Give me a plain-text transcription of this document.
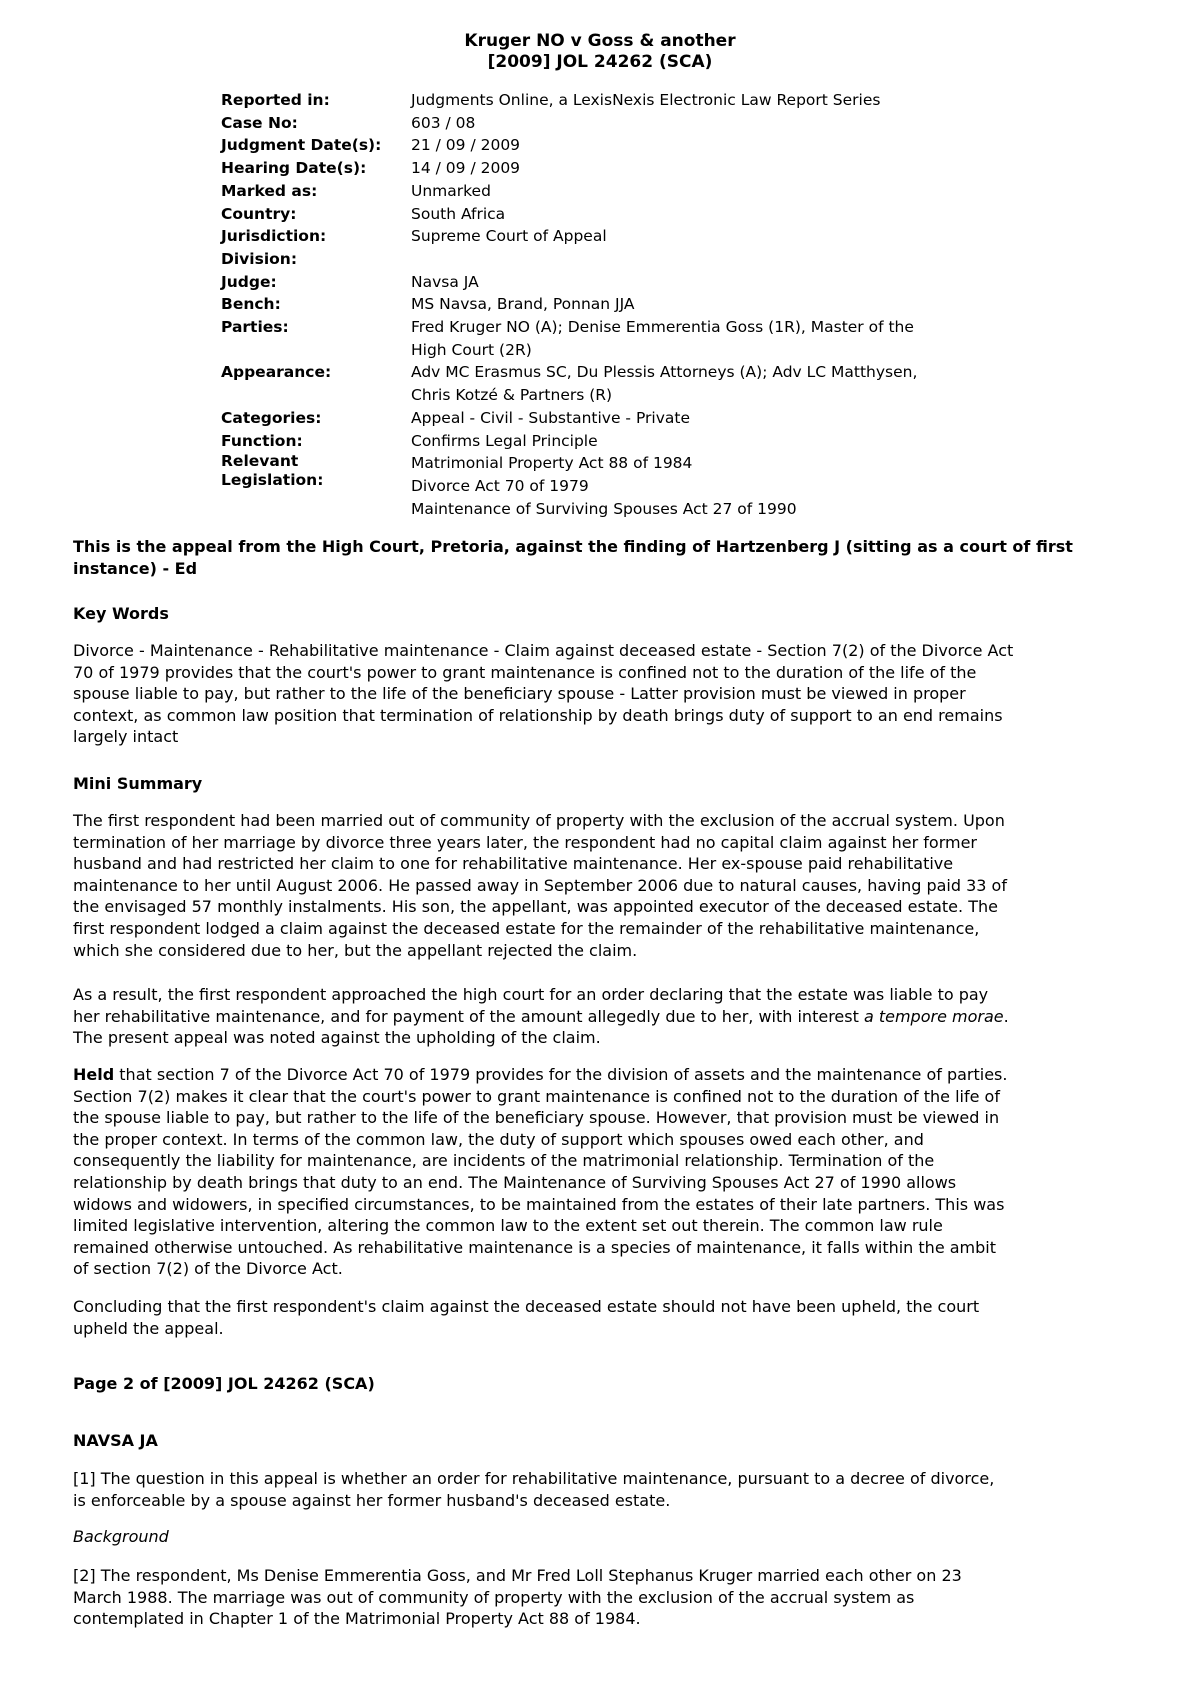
Kruger NO v Goss & another
[2009] JOL 24262 (SCA)
Reported in:	Judgments Online, a LexisNexis Electronic Law Report Series
Case No:	603 / 08
Judgment Date(s):	21 / 09 / 2009
Hearing Date(s):	14 / 09 / 2009
Marked as:	Unmarked
Country:	South Africa
Jurisdiction:	Supreme Court of Appeal
Division:

Judge:	Navsa JA
Bench:	MS Navsa, Brand, Ponnan JJA
Parties:	Fred Kruger NO (A); Denise Emmerentia Goss (1R), Master of the
High Court (2R)
Appearance:	Adv MC Erasmus SC, Du Plessis Attorneys (A); Adv LC Matthysen,
Chris Kotzé & Partners (R)
Categories:	Appeal - Civil - Substantive - Private
Function:	Confirms Legal Principle
Relevant
Legislation:
Matrimonial Property Act 88 of 1984
Divorce Act 70 of 1979
Maintenance of Surviving Spouses Act 27 of 1990
This is the appeal from the High Court, Pretoria, against the finding of Hartzenberg J (sitting as a court of first
instance) - Ed
Key Words
Divorce - Maintenance - Rehabilitative maintenance - Claim against deceased estate - Section 7(2) of the Divorce Act
70 of 1979 provides that the court's power to grant maintenance is confined not to the duration of the life of the
spouse liable to pay, but rather to the life of the beneficiary spouse - Latter provision must be viewed in proper
context, as common law position that termination of relationship by death brings duty of support to an end remains
largely intact
Mini Summary
The first respondent had been married out of community of property with the exclusion of the accrual system. Upon
termination of her marriage by divorce three years later, the respondent had no capital claim against her former
husband and had restricted her claim to one for rehabilitative maintenance. Her ex-spouse paid rehabilitative
maintenance to her until August 2006. He passed away in September 2006 due to natural causes, having paid 33 of
the envisaged 57 monthly instalments. His son, the appellant, was appointed executor of the deceased estate. The
first respondent lodged a claim against the deceased estate for the remainder of the rehabilitative maintenance,
which she considered due to her, but the appellant rejected the claim.
As a result, the first respondent approached the high court for an order declaring that the estate was liable to pay
her rehabilitative maintenance, and for payment of the amount allegedly due to her, with interest a tempore morae.
The present appeal was noted against the upholding of the claim.
Held that section 7 of the Divorce Act 70 of 1979 provides for the division of assets and the maintenance of parties.
Section 7(2) makes it clear that the court's power to grant maintenance is confined not to the duration of the life of
the spouse liable to pay, but rather to the life of the beneficiary spouse. However, that provision must be viewed in
the proper context. In terms of the common law, the duty of support which spouses owed each other, and
consequently the liability for maintenance, are incidents of the matrimonial relationship. Termination of the
relationship by death brings that duty to an end. The Maintenance of Surviving Spouses Act 27 of 1990 allows
widows and widowers, in specified circumstances, to be maintained from the estates of their late partners. This was
limited legislative intervention, altering the common law to the extent set out therein. The common law rule
remained otherwise untouched. As rehabilitative maintenance is a species of maintenance, it falls within the ambit
of section 7(2) of the Divorce Act.
Concluding that the first respondent's claim against the deceased estate should not have been upheld, the court
upheld the appeal.
Page 2 of [2009] JOL 24262 (SCA)
NAVSA JA
[1] The question in this appeal is whether an order for rehabilitative maintenance, pursuant to a decree of divorce,
is enforceable by a spouse against her former husband's deceased estate.
Background
[2] The respondent, Ms Denise Emmerentia Goss, and Mr Fred Loll Stephanus Kruger married each other on 23
March 1988. The marriage was out of community of property with the exclusion of the accrual system as
contemplated in Chapter 1 of the Matrimonial Property Act 88 of 1984.
